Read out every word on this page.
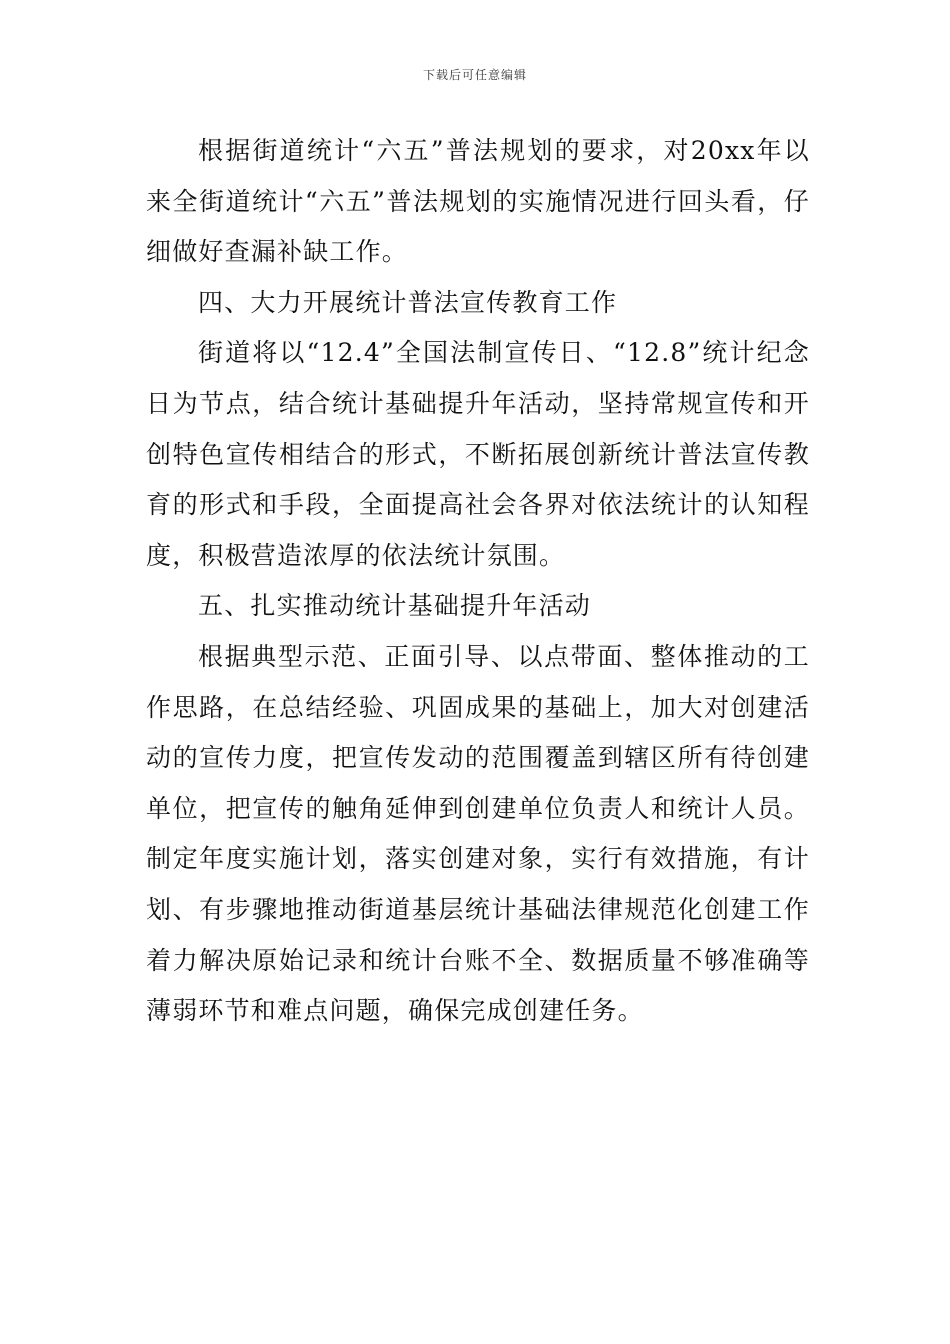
下载后可任意编辑

根据街道统计“六五”普法规划的要求，对20xx年以来全街道统计“六五”普法规划的实施情况进行回头看，仔细做好查漏补缺工作。

四、大力开展统计普法宣传教育工作

街道将以“12.4”全国法制宣传日、“12.8”统计纪念日为节点，结合统计基础提升年活动，坚持常规宣传和开创特色宣传相结合的形式，不断拓展创新统计普法宣传教育的形式和手段，全面提高社会各界对依法统计的认知程度，积极营造浓厚的依法统计氛围。

五、扎实推动统计基础提升年活动

根据典型示范、正面引导、以点带面、整体推动的工作思路，在总结经验、巩固成果的基础上，加大对创建活动的宣传力度，把宣传发动的范围覆盖到辖区所有待创建单位，把宣传的触角延伸到创建单位负责人和统计人员。制定年度实施计划，落实创建对象，实行有效措施，有计划、有步骤地推动街道基层统计基础法律规范化创建工作着力解决原始记录和统计台账不全、数据质量不够准确等薄弱环节和难点问题，确保完成创建任务。
